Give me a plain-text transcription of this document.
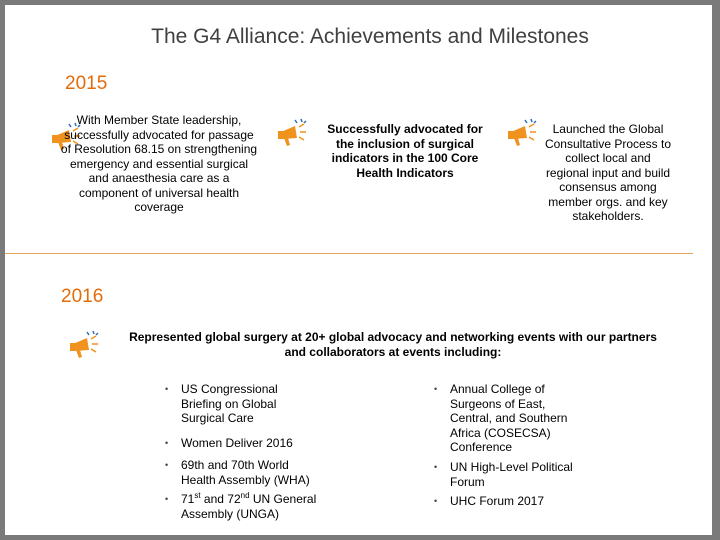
The G4 Alliance: Achievements and Milestones
2015
With Member State leadership, successfully advocated for passage of Resolution 68.15 on strengthening emergency and essential surgical and anaesthesia care as a component of universal health coverage
Successfully advocated for the inclusion of surgical indicators in the 100 Core Health Indicators
Launched the Global Consultative Process to collect local and regional input and build consensus among member orgs. and key stakeholders.
2016
Represented global surgery at 20+ global advocacy and networking events with our partners and collaborators at events including:
• US Congressional Briefing on Global Surgical Care
• Women Deliver 2016
• 69th and 70th World Health Assembly (WHA)
• 71st and 72nd UN General Assembly (UNGA)
• Annual College of Surgeons of East, Central, and Southern Africa (COSECSA) Conference
• UN High-Level Political Forum
• UHC Forum 2017
